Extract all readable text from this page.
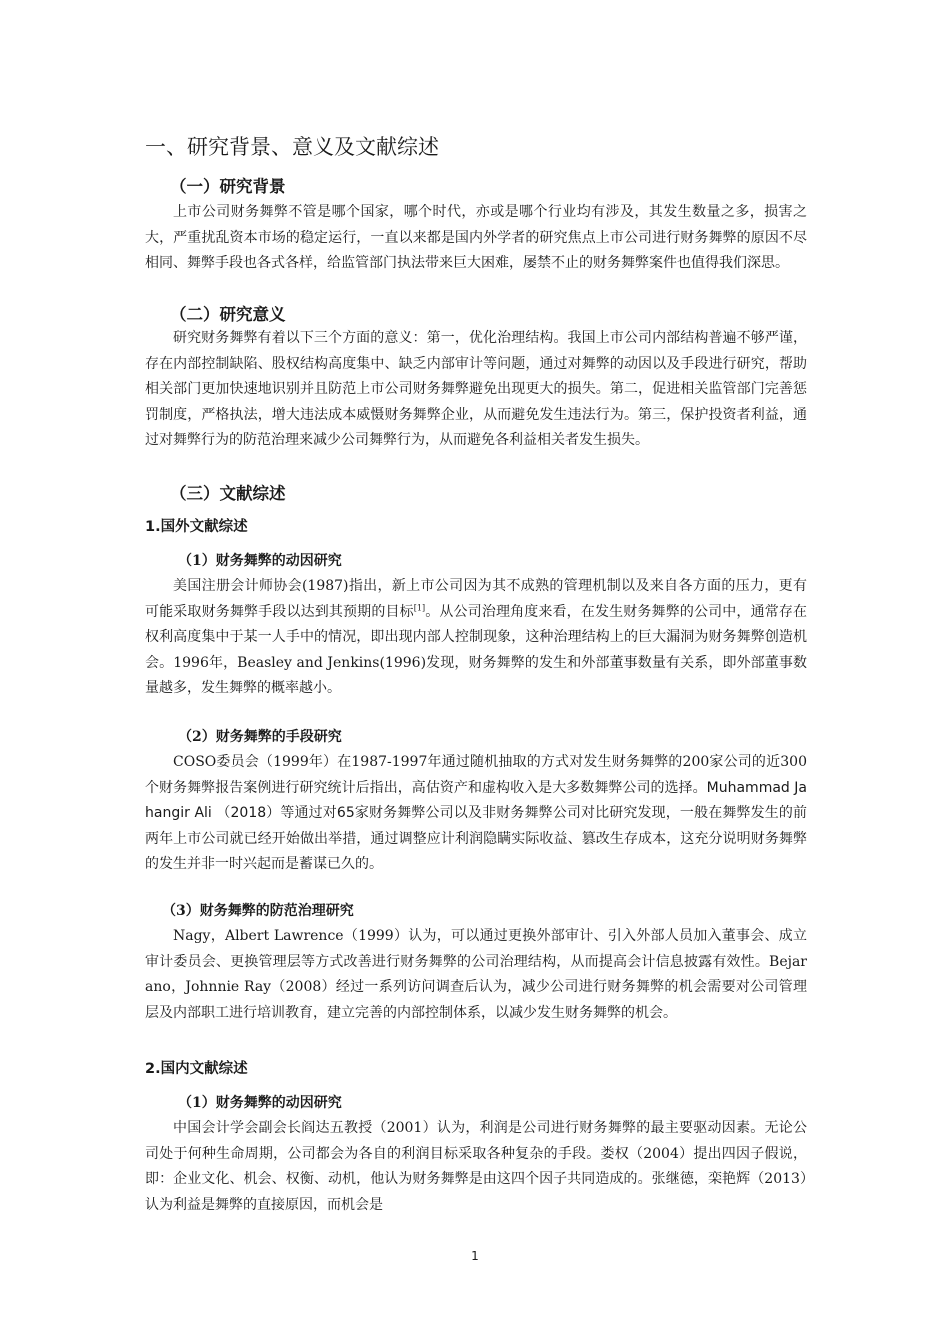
一、研究背景、意义及文献综述
（一）研究背景

上市公司财务舞弊不管是哪个国家，哪个时代，亦或是哪个行业均有涉及，其发生数量之多，损害之大，严重扰乱资本市场的稳定运行，一直以来都是国内外学者的研究焦点上市公司进行财务舞弊的原因不尽相同、舞弊手段也各式各样，给监管部门执法带来巨大困难，屡禁不止的财务舞弊案件也值得我们深思。

（二）研究意义

研究财务舞弊有着以下三个方面的意义：第一，优化治理结构。我国上市公司内部结构普遍不够严谨，存在内部控制缺陷、股权结构高度集中、缺乏内部审计等问题，通过对舞弊的动因以及手段进行研究，帮助相关部门更加快速地识别并且防范上市公司财务舞弊避免出现更大的损失。第二，促进相关监管部门完善惩罚制度，严格执法，增大违法成本威慑财务舞弊企业，从而避免发生违法行为。第三，保护投资者利益，通过对舞弊行为的防范治理来减少公司舞弊行为，从而避免各利益相关者发生损失。

（三）文献综述
1.国外文献综述
（1）财务舞弊的动因研究

美国注册会计师协会(1987)指出，新上市公司因为其不成熟的管理机制以及来自各方面的压力，更有可能采取财务舞弊手段以达到其预期的目标[1]。从公司治理角度来看，在发生财务舞弊的公司中，通常存在权利高度集中于某一人手中的情况，即出现内部人控制现象，这种治理结构上的巨大漏洞为财务舞弊创造机会。1996年，Beasley and Jenkins(1996)发现，财务舞弊的发生和外部董事数量有关系，即外部董事数量越多，发生舞弊的概率越小。

（2）财务舞弊的手段研究

COSO委员会（1999年）在1987-1997年通过随机抽取的方式对发生财务舞弊的200家公司的近300个财务舞弊报告案例进行研究统计后指出，高估资产和虚构收入是大多数舞弊公司的选择。Muhammad Jahangir Ali （2018）等通过对65家财务舞弊公司以及非财务舞弊公司对比研究发现，一般在舞弊发生的前两年上市公司就已经开始做出举措，通过调整应计利润隐瞒实际收益、篡改生存成本，这充分说明财务舞弊的发生并非一时兴起而是蓄谋已久的。

（3）财务舞弊的防范治理研究

Nagy，Albert Lawrence（1999）认为，可以通过更换外部审计、引入外部人员加入董事会、成立审计委员会、更换管理层等方式改善进行财务舞弊的公司治理结构，从而提高会计信息披露有效性。Bejarano，Johnnie Ray（2008）经过一系列访问调查后认为，减少公司进行财务舞弊的机会需要对公司管理层及内部职工进行培训教育，建立完善的内部控制体系，以减少发生财务舞弊的机会。

2.国内文献综述
（1）财务舞弊的动因研究

中国会计学会副会长阎达五教授（2001）认为，利润是公司进行财务舞弊的最主要驱动因素。无论公司处于何种生命周期，公司都会为各自的利润目标采取各种复杂的手段。娄权（2004）提出四因子假说，即：企业文化、机会、权衡、动机，他认为财务舞弊是由这四个因子共同造成的。张继德，栾艳辉（2013）认为利益是舞弊的直接原因，而机会是

1
